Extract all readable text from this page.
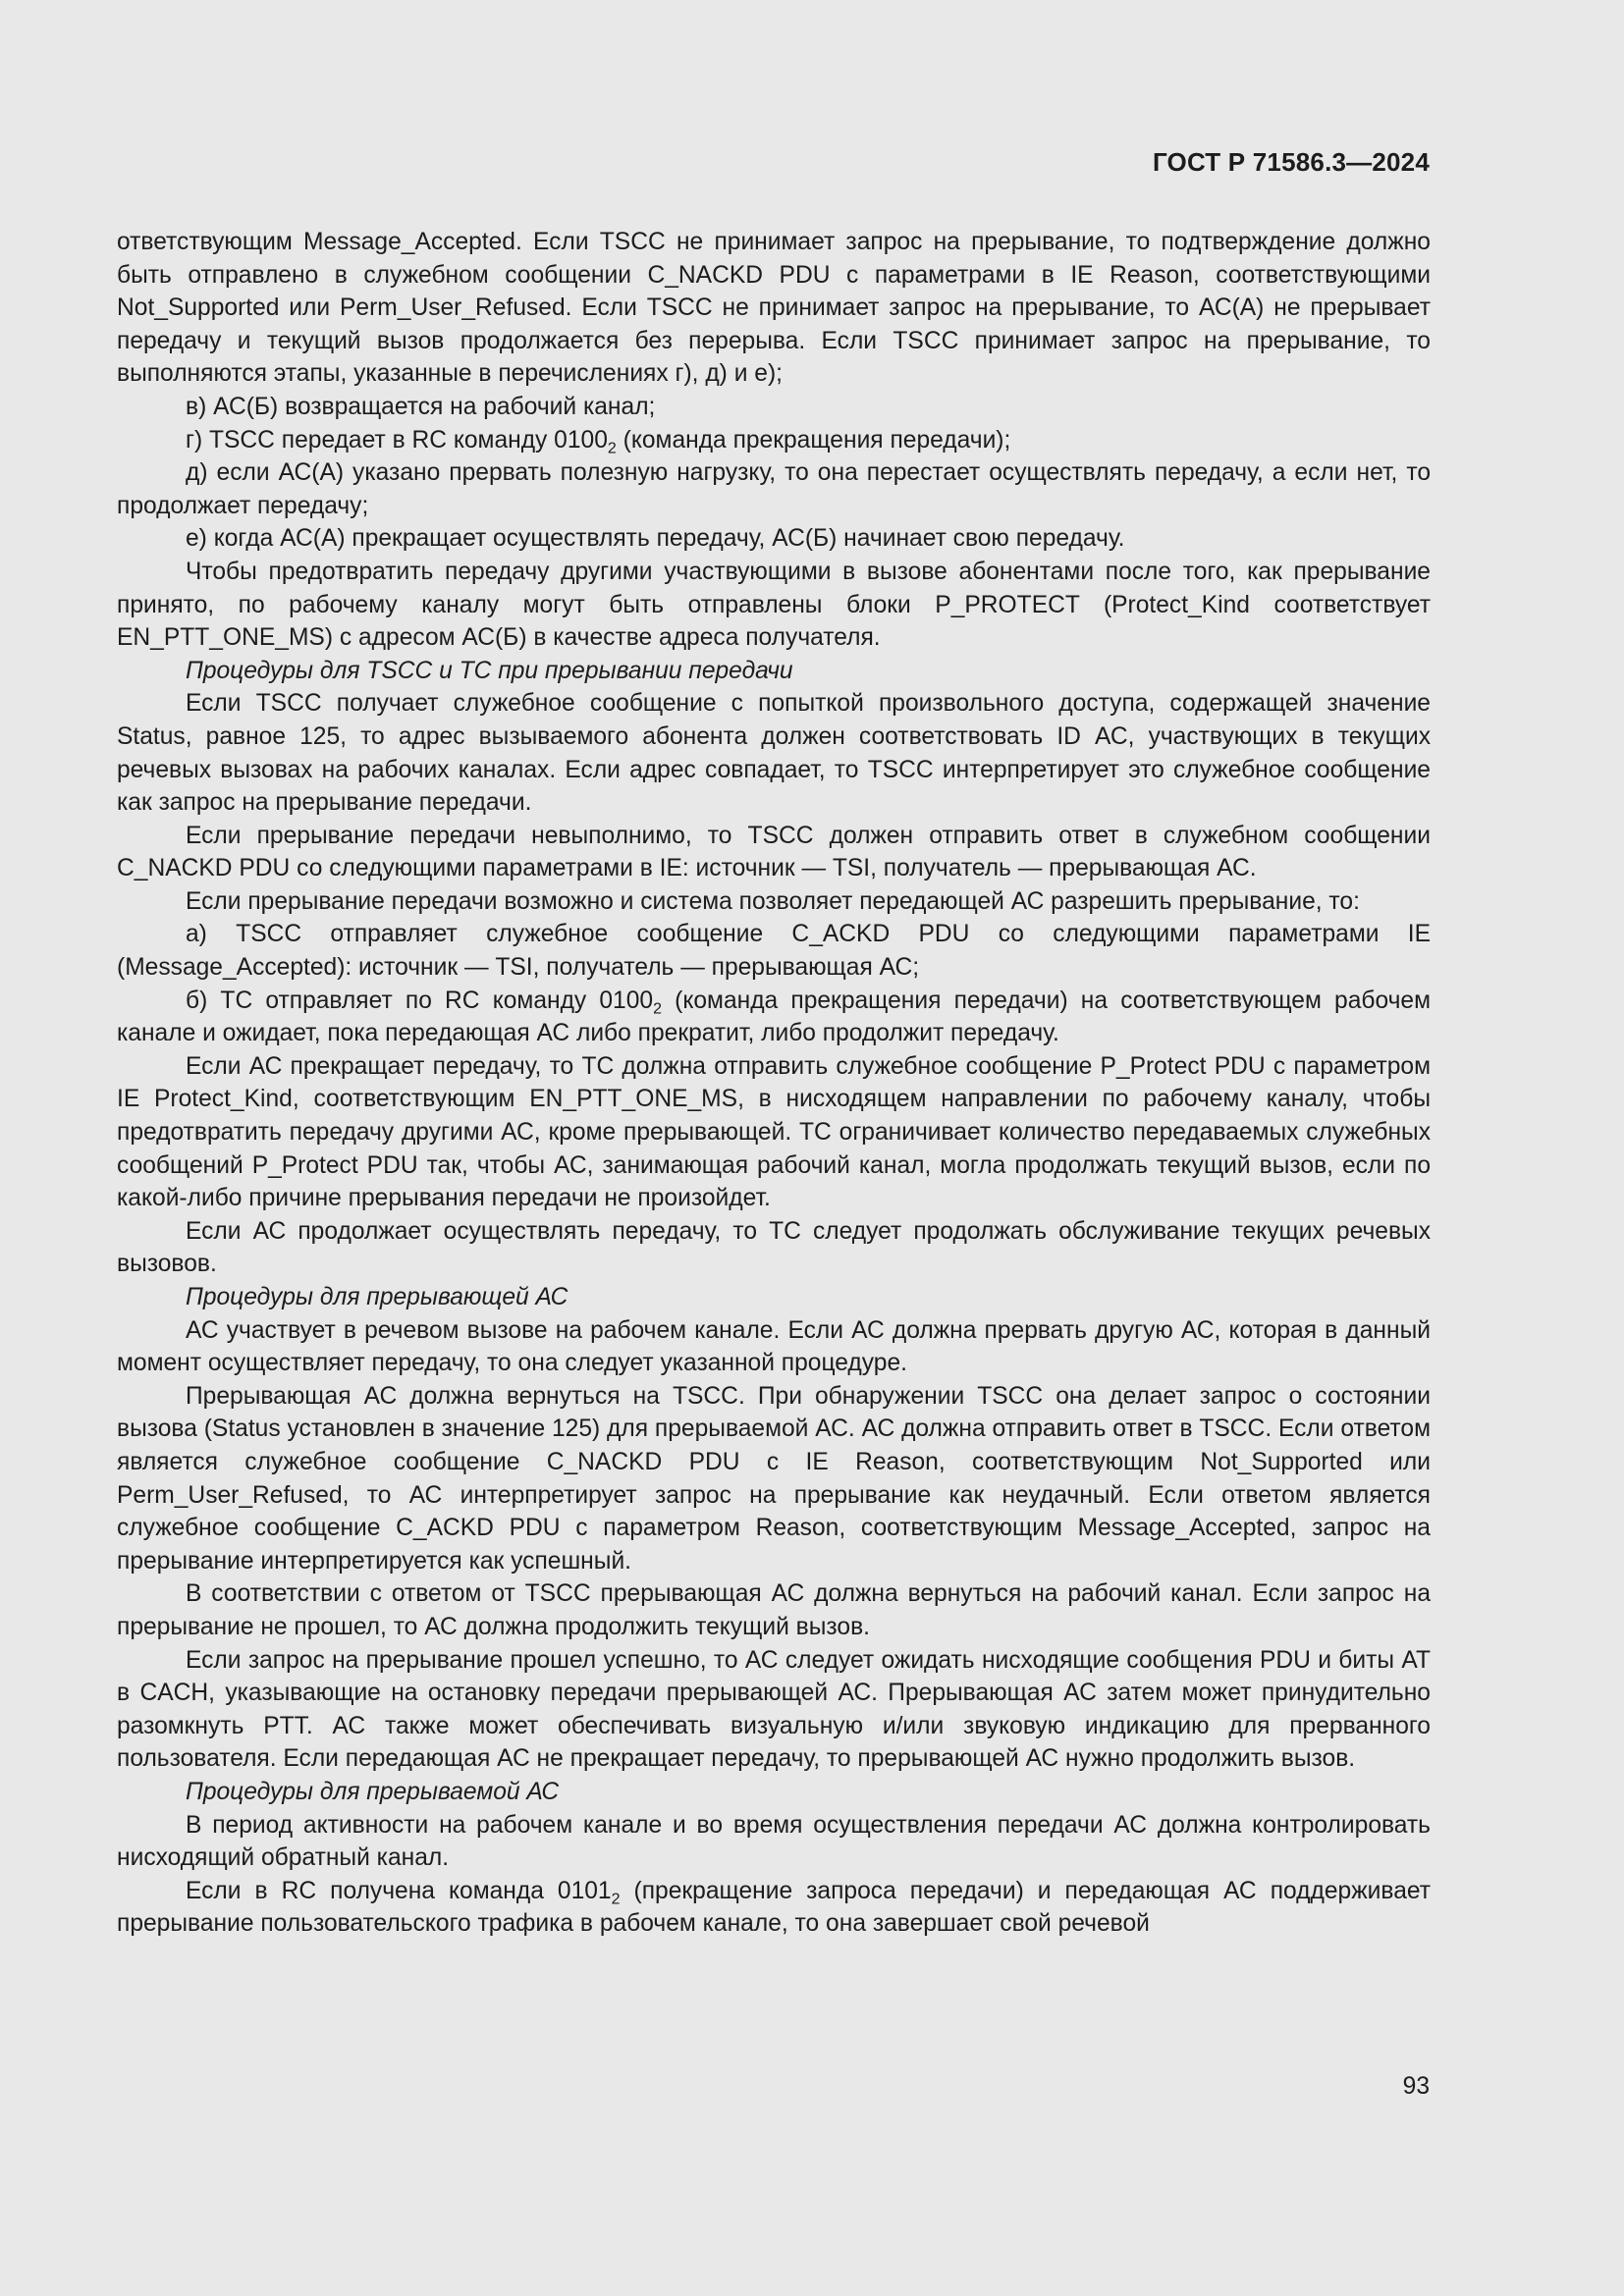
ГОСТ Р 71586.3—2024

ответствующим Message_Accepted. Если TSCC не принимает запрос на прерывание, то подтверждение должно быть отправлено в служебном сообщении C_NACKD PDU с параметрами в IE Reason, соответствующими Not_Supported или Perm_User_Refused. Если TSCC не принимает запрос на прерывание, то АС(А) не прерывает передачу и текущий вызов продолжается без перерыва. Если TSCC принимает запрос на прерывание, то выполняются этапы, указанные в перечислениях г), д) и е);

в) АС(Б) возвращается на рабочий канал;

г) TSCC передает в RC команду $0100_2$ (команда прекращения передачи);

д) если АС(А) указано прервать полезную нагрузку, то она перестает осуществлять передачу, а если нет, то продолжает передачу;

е) когда АС(А) прекращает осуществлять передачу, АС(Б) начинает свою передачу.

Чтобы предотвратить передачу другими участвующими в вызове абонентами после того, как прерывание принято, по рабочему каналу могут быть отправлены блоки P_PROTECT (Protect_Kind соответствует EN_PTT_ONE_MS) с адресом АС(Б) в качестве адреса получателя.

Процедуры для TSCC и TC при прерывании передачи

Если TSCC получает служебное сообщение с попыткой произвольного доступа, содержащей значение Status, равное 125, то адрес вызываемого абонента должен соответствовать ID АС, участвующих в текущих речевых вызовах на рабочих каналах. Если адрес совпадает, то TSCC интерпретирует это служебное сообщение как запрос на прерывание передачи.

Если прерывание передачи невыполнимо, то TSCC должен отправить ответ в служебном сообщении C_NACKD PDU со следующими параметрами в IE: источник — TSI, получатель — прерывающая АС.

Если прерывание передачи возможно и система позволяет передающей АС разрешить прерывание, то:

а) TSCC отправляет служебное сообщение C_ACKD PDU со следующими параметрами IE (Message_Accepted): источник — TSI, получатель — прерывающая АС;

б) TC отправляет по RC команду $0100_2$ (команда прекращения передачи) на соответствующем рабочем канале и ожидает, пока передающая АС либо прекратит, либо продолжит передачу.

Если АС прекращает передачу, то TC должна отправить служебное сообщение P_Protect PDU с параметром IE Protect_Kind, соответствующим EN_PTT_ONE_MS, в нисходящем направлении по рабочему каналу, чтобы предотвратить передачу другими АС, кроме прерывающей. TC ограничивает количество передаваемых служебных сообщений P_Protect PDU так, чтобы АС, занимающая рабочий канал, могла продолжать текущий вызов, если по какой-либо причине прерывания передачи не произойдет.

Если АС продолжает осуществлять передачу, то TC следует продолжать обслуживание текущих речевых вызовов.

Процедуры для прерывающей АС

АС участвует в речевом вызове на рабочем канале. Если АС должна прервать другую АС, которая в данный момент осуществляет передачу, то она следует указанной процедуре.

Прерывающая АС должна вернуться на TSCC. При обнаружении TSCC она делает запрос о состоянии вызова (Status установлен в значение 125) для прерываемой АС. АС должна отправить ответ в TSCC. Если ответом является служебное сообщение C_NACKD PDU с IE Reason, соответствующим Not_Supported или Perm_User_Refused, то АС интерпретирует запрос на прерывание как неудачный. Если ответом является служебное сообщение C_ACKD PDU с параметром Reason, соответствующим Message_Accepted, запрос на прерывание интерпретируется как успешный.

В соответствии с ответом от TSCC прерывающая АС должна вернуться на рабочий канал. Если запрос на прерывание не прошел, то АС должна продолжить текущий вызов.

Если запрос на прерывание прошел успешно, то АС следует ожидать нисходящие сообщения PDU и биты AT в CACH, указывающие на остановку передачи прерывающей АС. Прерывающая АС затем может принудительно разомкнуть PTT. АС также может обеспечивать визуальную и/или звуковую индикацию для прерванного пользователя. Если передающая АС не прекращает передачу, то прерывающей АС нужно продолжить вызов.

Процедуры для прерываемой АС

В период активности на рабочем канале и во время осуществления передачи АС должна контролировать нисходящий обратный канал.

Если в RC получена команда $0101_2$ (прекращение запроса передачи) и передающая АС поддерживает прерывание пользовательского трафика в рабочем канале, то она завершает свой речевой

93
